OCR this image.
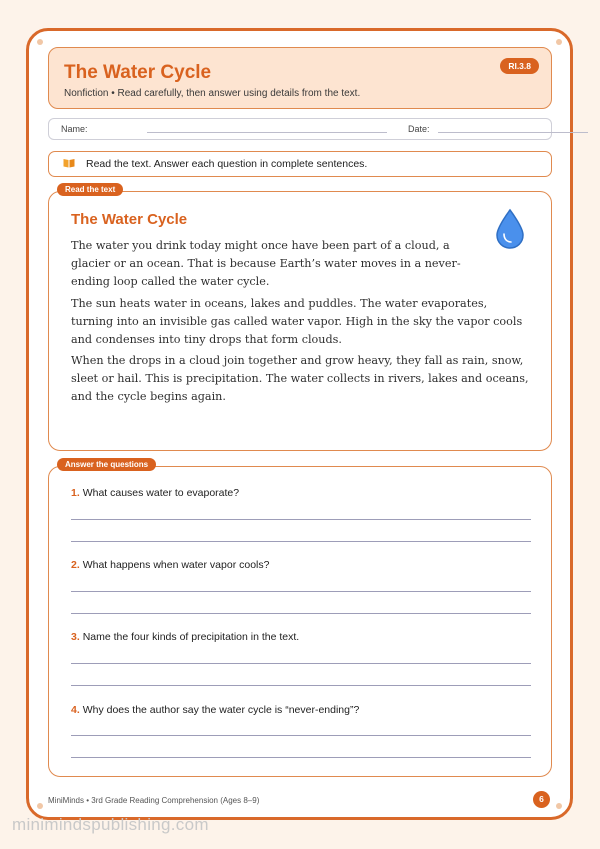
The Water Cycle
Nonfiction • Read carefully, then answer using details from the text.
RI.3.8
Name:	Date:
Read the text. Answer each question in complete sentences.
Read the text
The Water Cycle

The water you drink today might once have been part of a cloud, a glacier or an ocean. That is because Earth’s water moves in a never-ending loop called the water cycle.

The sun heats water in oceans, lakes and puddles. The water evaporates, turning into an invisible gas called water vapor. High in the sky the vapor cools and condenses into tiny drops that form clouds.

When the drops in a cloud join together and grow heavy, they fall as rain, snow, sleet or hail. This is precipitation. The water collects in rivers, lakes and oceans, and the cycle begins again.

Answer the questions
1. What causes water to evaporate?
2. What happens when water vapor cools?
3. Name the four kinds of precipitation in the text.
4. Why does the author say the water cycle is “never-ending”?
MiniMinds • 3rd Grade Reading Comprehension (Ages 8–9)	6
minimindspublishing.com
